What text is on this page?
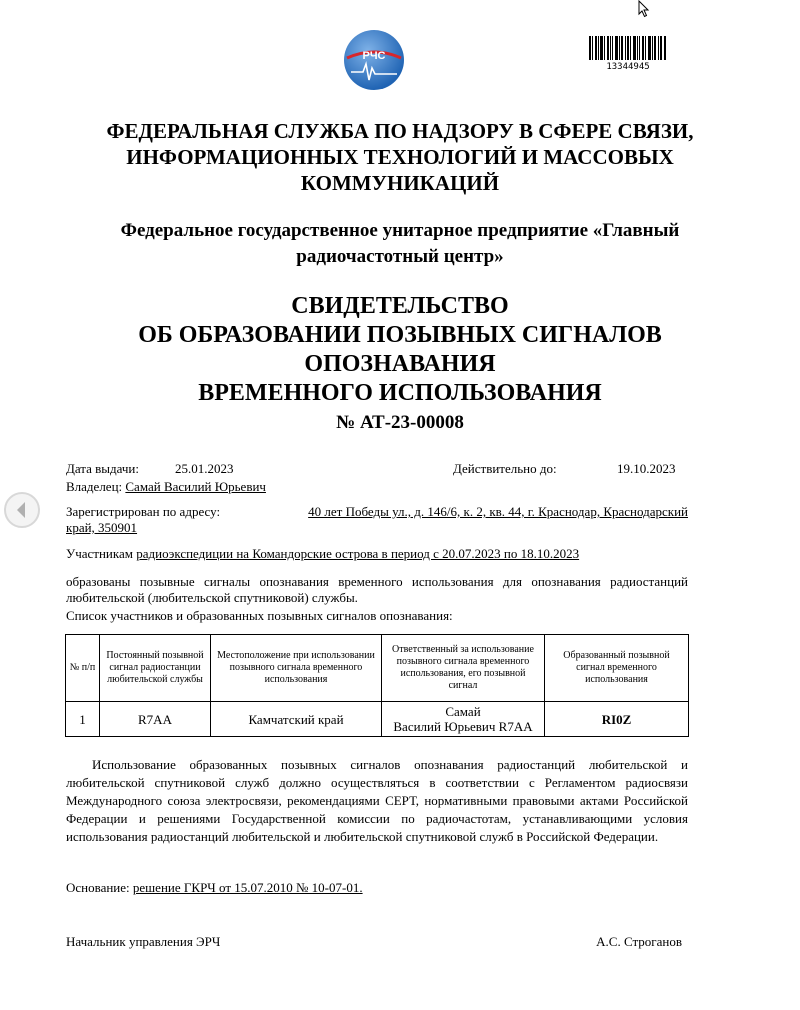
РЧС
13344945
ФЕДЕРАЛЬНАЯ СЛУЖБА ПО НАДЗОРУ В СФЕРЕ СВЯЗИ, ИНФОРМАЦИОННЫХ ТЕХНОЛОГИЙ И МАССОВЫХ КОММУНИКАЦИЙ
Федеральное государственное унитарное предприятие «Главный радиочастотный центр»
СВИДЕТЕЛЬСТВО
ОБ ОБРАЗОВАНИИ ПОЗЫВНЫХ СИГНАЛОВ
ОПОЗНАВАНИЯ
ВРЕМЕННОГО ИСПОЛЬЗОВАНИЯ
№ АТ-23-00008
Дата выдачи:	25.01.2023	Действительно до:	19.10.2023
Владелец: Самай Василий Юрьевич
Зарегистрирован по адресу:	40 лет Победы ул., д. 146/6, к. 2, кв. 44, г. Краснодар, Краснодарский
край, 350901
Участникам радиоэкспедиции на Командорские острова в период с 20.07.2023 по 18.10.2023
образованы позывные сигналы опознавания временного использования для опознавания радиостанций любительской (любительской спутниковой) службы.
Список участников и образованных позывных сигналов опознавания:
№ п/п	Постоянный позывной сигнал радиостанции любительской службы	Местоположение при использовании позывного сигнала временного использования	Ответственный за использование позывного сигнала временного использования, его позывной сигнал	Образованный позывной сигнал временного использования
1	R7AA	Камчатский край	Самай
Василий Юрьевич R7AA	RI0Z
Использование образованных позывных сигналов опознавания радиостанций любительской и любительской спутниковой служб должно осуществляться в соответствии с Регламентом радиосвязи Международного союза электросвязи, рекомендациями СЕРТ, нормативными правовыми актами Российской Федерации и решениями Государственной комиссии по радиочастотам, устанавливающими условия использования радиостанций любительской и любительской спутниковой служб в Российской Федерации.
Основание: решение ГКРЧ от 15.07.2010 № 10-07-01.
Начальник управления ЭРЧ	А.С. Строганов
